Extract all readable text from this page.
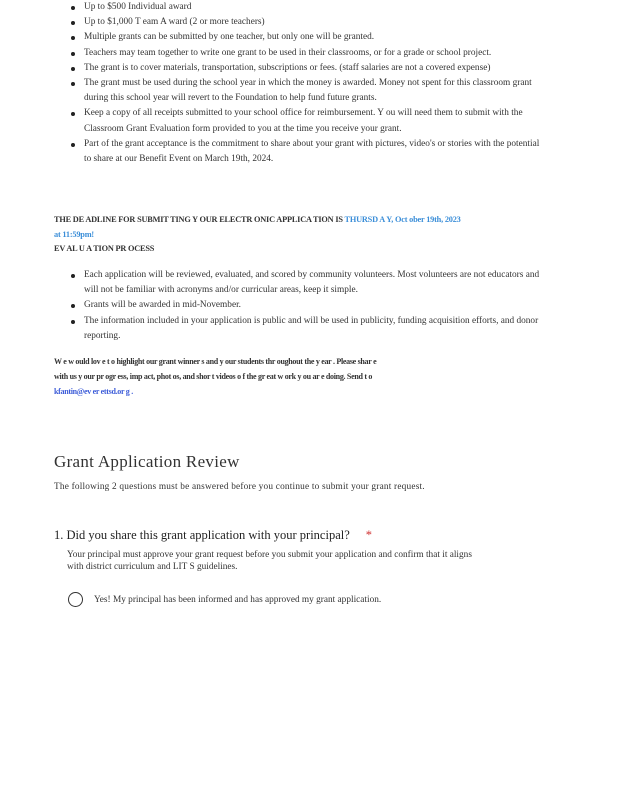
Up to $500 Individual award
Up to $1,000 T eam A ward (2 or more teachers)
Multiple grants can be submitted by one teacher, but only one will be granted.
Teachers may team together to write one grant to be used in their classrooms, or for a grade or school project.
The grant is to cover materials, transportation, subscriptions or fees. (staff salaries are not a covered expense)
The grant must be used during the school year in which the money is awarded. Money not spent for this classroom grant during this school year will revert to the Foundation to help fund future grants.
Keep a copy of all receipts submitted to your school office for reimbursement. Y ou will need them to submit with the Classroom Grant Evaluation form provided to you at the time you receive your grant.
Part of the grant acceptance is the commitment to share about your grant with pictures, video's or stories with the potential to share at our Benefit Event on March 19th, 2024.
THE DE ADLINE FOR SUBMIT TING Y OUR ELECTR ONIC APPLICA TION IS THURSD A Y, Oct ober 19th, 2023
at 11:59pm!
EV AL U A TION PR OCESS
Each application will be reviewed, evaluated, and scored by community volunteers. Most volunteers are not educators and will not be familiar with acronyms and/or curricular areas, keep it simple.
Grants will be awarded in mid-November.
The information included in your application is public and will be used in publicity, funding acquisition efforts, and donor reporting.
W e w ould lov e t o highlight our grant winner s and y our students thr oughout the y ear . Please shar e
with us y our pr ogr ess, imp act, phot os, and shor t videos o f the gr eat w ork y ou ar e doing. Send t o
kfantin@ev er ettsd.or g .
Grant Application Review
The following 2 questions must be answered before you continue to submit your grant request.
1. Did you share this grant application with your principal? *
Your principal must approve your grant request before you submit your application and confirm that it aligns with district curriculum and LIT S guidelines.
Yes! My principal has been informed and has approved my grant application.
